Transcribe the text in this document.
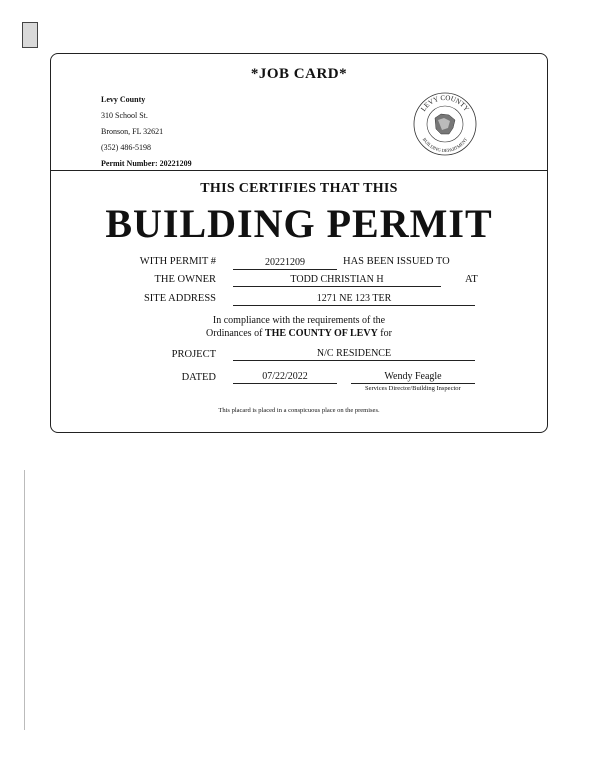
*JOB CARD*
Levy County
310 School St.
Bronson, FL 32621
(352) 486-5198
Permit Number: 20221209
LEVY COUNTY
BUILDING DEPARTMENT
THIS CERTIFIES THAT THIS
BUILDING PERMIT
WITH PERMIT #	20221209	HAS BEEN ISSUED TO
THE OWNER	TODD CHRISTIAN H	AT
SITE ADDRESS	1271 NE 123 TER
In compliance with the requirements of the
Ordinances of THE COUNTY OF LEVY for
PROJECT	N/C RESIDENCE
DATED	07/22/2022	Wendy Feagle
Services Director/Building Inspector
This placard is placed in a conspicuous place on the premises.
